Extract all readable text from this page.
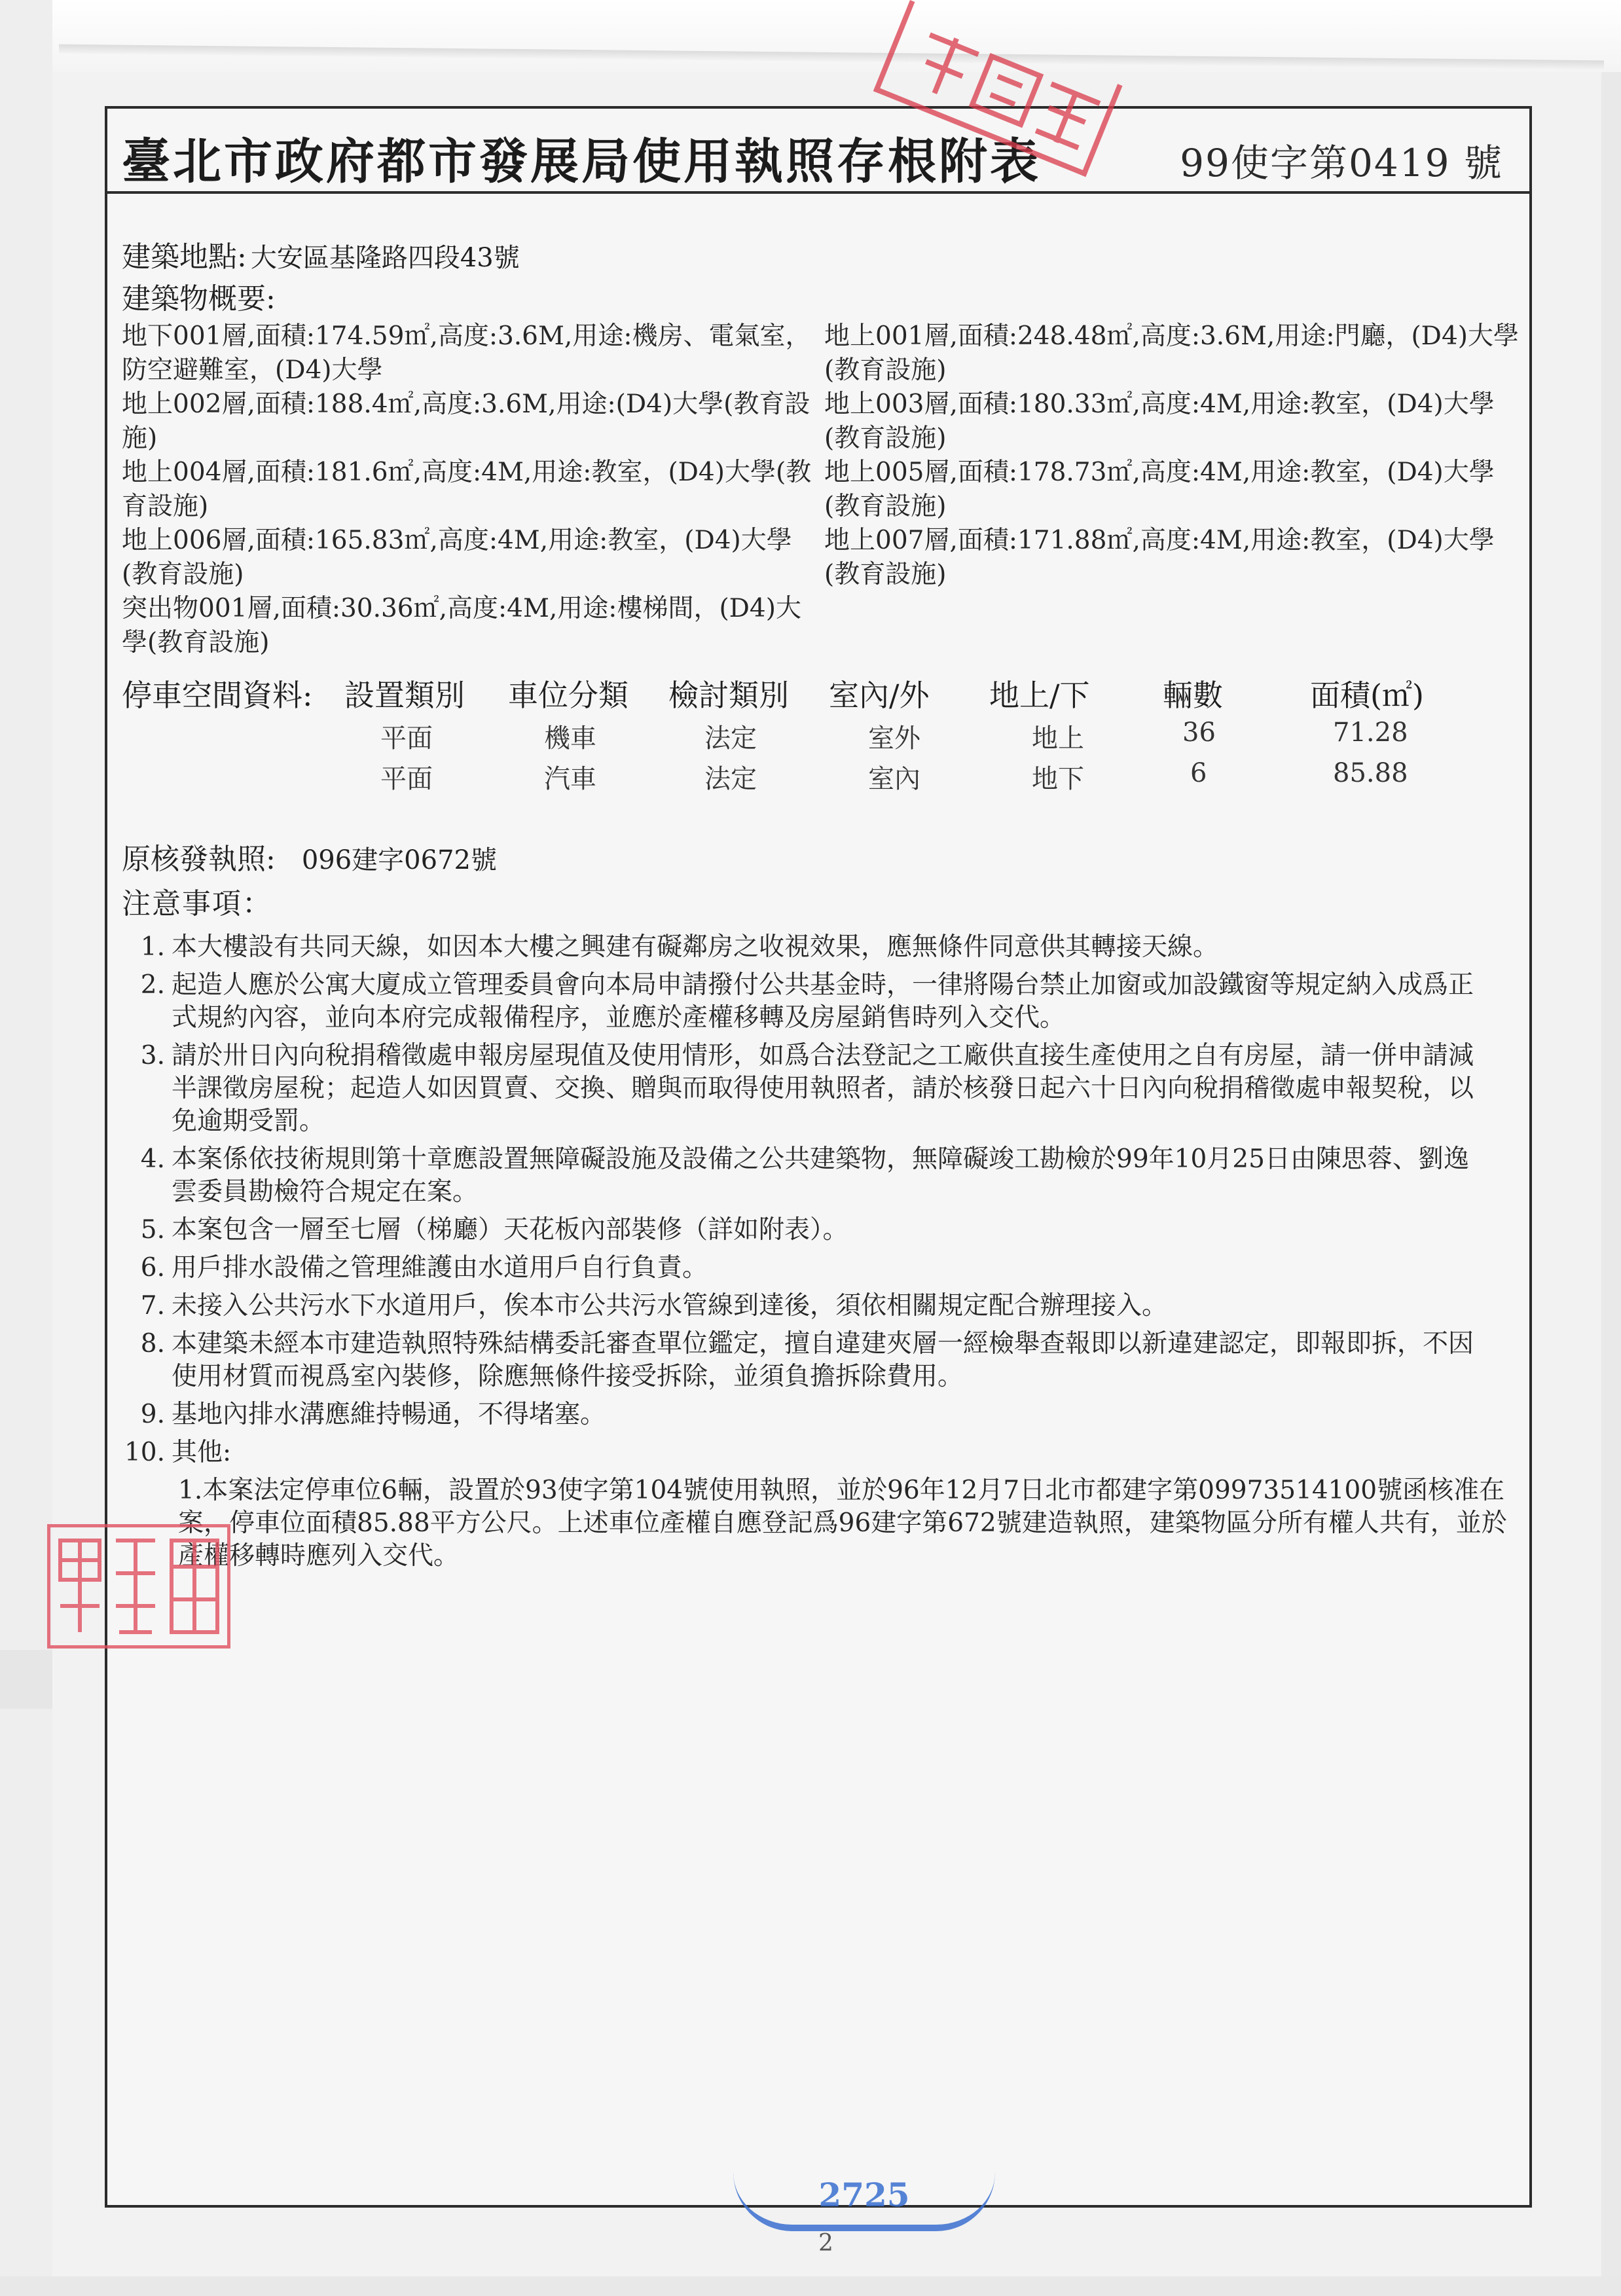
臺北市政府都市發展局使用執照存根附表	99使字第0419 號
建築地點: 大安區基隆路四段43號
建築物概要:
地下001層,面積:174.59㎡,高度:3.6M,用途:機房、電氣室，防空避難室，(D4)大學
地上001層,面積:248.48㎡,高度:3.6M,用途:門廳，(D4)大學(教育設施)
地上002層,面積:188.4㎡,高度:3.6M,用途:(D4)大學(教育設施)
地上003層,面積:180.33㎡,高度:4M,用途:教室，(D4)大學(教育設施)
地上004層,面積:181.6㎡,高度:4M,用途:教室，(D4)大學(教育設施)
地上005層,面積:178.73㎡,高度:4M,用途:教室，(D4)大學(教育設施)
地上006層,面積:165.83㎡,高度:4M,用途:教室，(D4)大學(教育設施)
地上007層,面積:171.88㎡,高度:4M,用途:教室，(D4)大學(教育設施)
突出物001層,面積:30.36㎡,高度:4M,用途:樓梯間，(D4)大學(教育設施)
停車空間資料: 設置類別 車位分類 檢討類別 室內/外 地上/下 輛數	面積(㎡)
平面	機車	法定	室外	地上	36	71.28
平面	汽車	法定	室內	地下	6	85.88
原核發執照: 096建字0672號
注意事項：
1. 本大樓設有共同天線，如因本大樓之興建有礙鄰房之收視效果，應無條件同意供其轉接天線。
2. 起造人應於公寓大廈成立管理委員會向本局申請撥付公共基金時，一律將陽台禁止加窗或加設鐵窗等規定納入成爲正式規約內容，並向本府完成報備程序，並應於產權移轉及房屋銷售時列入交代。
3. 請於卅日內向稅捐稽徵處申報房屋現值及使用情形，如爲合法登記之工廠供直接生產使用之自有房屋，請一併申請減半課徵房屋稅；起造人如因買賣、交換、贈與而取得使用執照者，請於核發日起六十日內向稅捐稽徵處申報契稅，以免逾期受罰。
4. 本案係依技術規則第十章應設置無障礙設施及設備之公共建築物，無障礙竣工勘檢於99年10月25日由陳思蓉、劉逸雲委員勘檢符合規定在案。
5. 本案包含一層至七層（梯廳）天花板內部裝修（詳如附表）。
6. 用戶排水設備之管理維護由水道用戶自行負責。
7. 未接入公共污水下水道用戶，俟本市公共污水管線到達後，須依相關規定配合辦理接入。
8. 本建築未經本市建造執照特殊結構委託審查單位鑑定，擅自違建夾層一經檢舉查報即以新違建認定，即報即拆，不因使用材質而視爲室內裝修，除應無條件接受拆除，並須負擔拆除費用。
9. 基地內排水溝應維持暢通，不得堵塞。
10. 其他:
1.本案法定停車位6輛，設置於93使字第104號使用執照，並於96年12月7日北市都建字第09973514100號函核准在案，停車位面積85.88平方公尺。上述車位產權自應登記爲96建字第672號建造執照，建築物區分所有權人共有，並於產權移轉時應列入交代。
2725
2
